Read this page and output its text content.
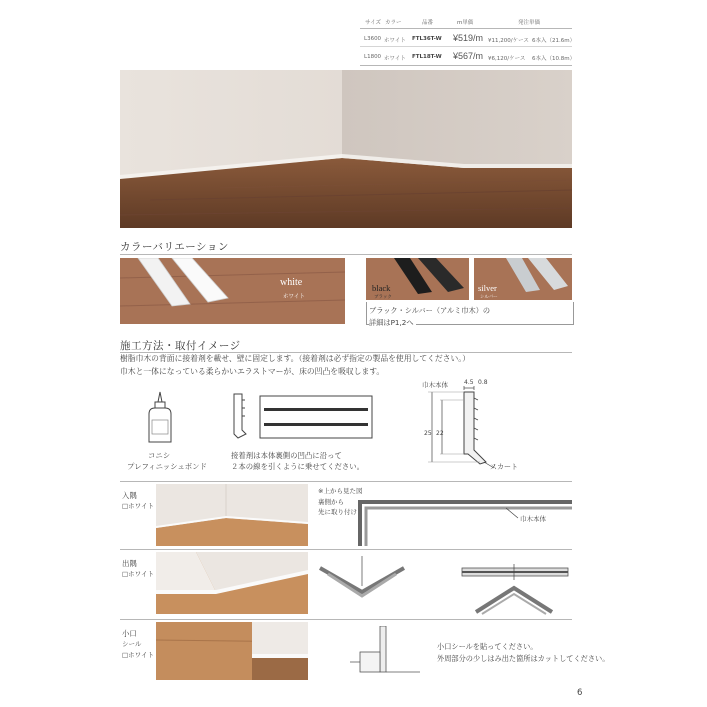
サイズ カラー	品番	m単価	発注単価
L3600 ホワイト FTL36T-W ¥519/m ¥11,200/ケース 6本入（21.6m）
L1800 ホワイト FTL18T-W ¥567/m ¥6,120/ケース 6本入（10.8m）
カラーバリエーション
white
ホワイト
black
ブラック
silver
シルバー
ブラック・シルバー（アルミ巾木）の
詳細はP1,2へ
施工方法・取付イメージ
樹脂巾木の背面に接着剤を載せ、壁に固定します。（接着剤は必ず指定の製品を使用してください。）
巾木と一体になっている柔らかいエラストマーが、床の凹凸を吸収します。
コニシ
プレフィニッシュボンド
接着剤は本体裏側の凹凸に沿って
２本の線を引くように乗せてください。
巾木本体	4.5 0.8
25 22
スカート
入隅
□ホワイト
※上から見た図
裏側から
先に取り付け
巾木本体
出隅
□ホワイト
小口
シール
□ホワイト
小口シールを貼ってください。
外周部分の少しはみ出た箇所はカットしてください。
6
